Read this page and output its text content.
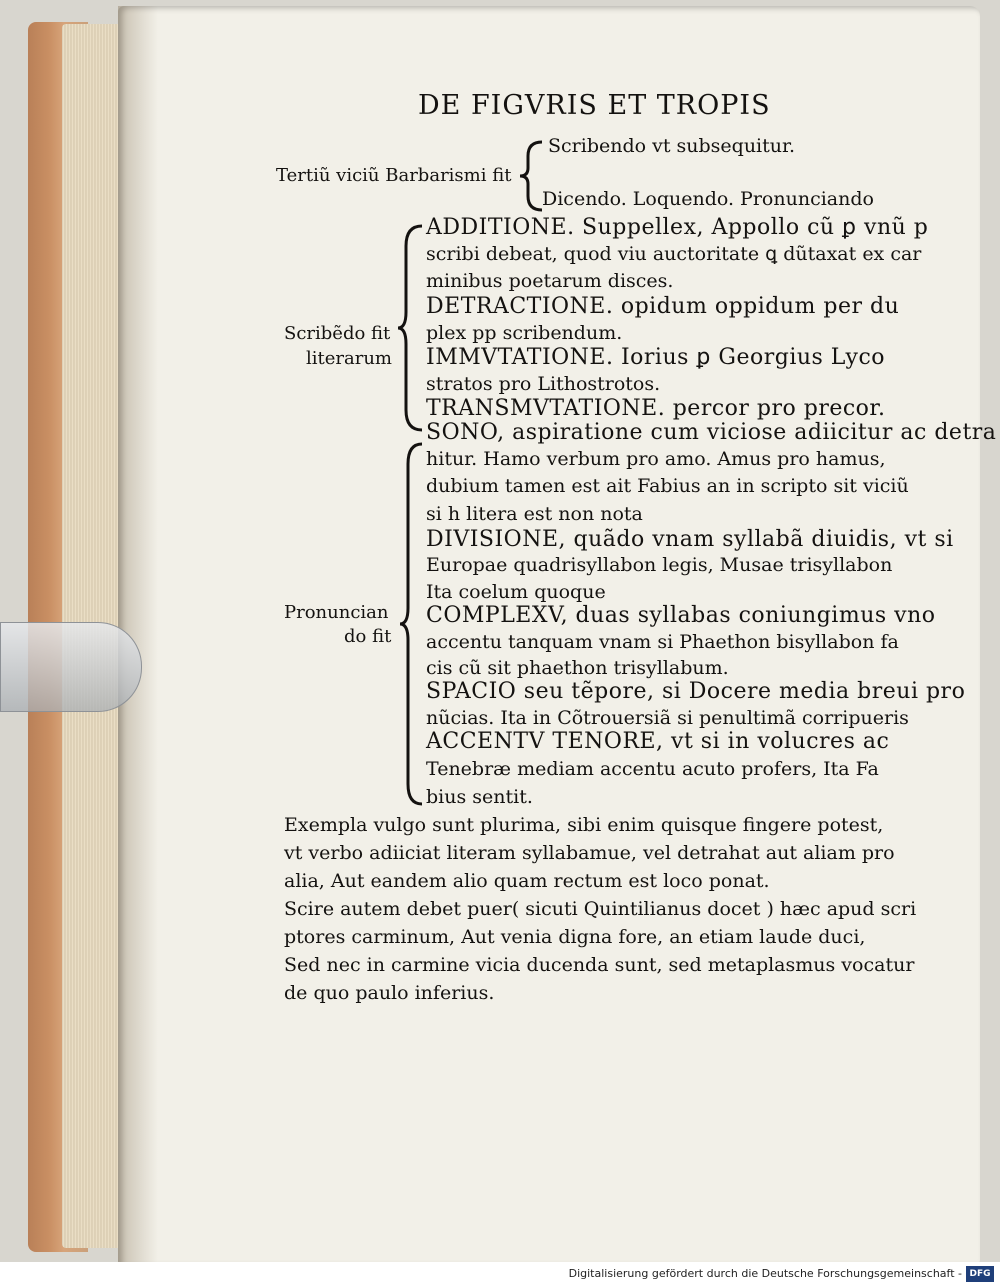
DE FIGVRIS ET TROPIS
Tertiũ viciũ Barbarismi fit
Scribendo vt subsequitur.
Dicendo. Loquendo. Pronunciando
Scribẽdo fit
literarum
ADDITIONE. Suppellex, Appollo cũ ꝑ vnũ p
scribi debeat, quod viu auctoritate ꝗ dũtaxat ex car
minibus poetarum disces.
DETRACTIONE. opidum oppidum per du
plex pp scribendum.
IMMVTATIONE. Iorius ꝑ Georgius Lyco
stratos pro Lithostrotos.
TRANSMVTATIONE. percor pro precor.
Pronuncian
do fit
SONO, aspiratione cum viciose adiicitur ac detra
hitur. Hamo verbum pro amo. Amus pro hamus,
dubium tamen est ait Fabius an in scripto sit viciũ
si h litera est non nota
DIVISIONE, quãdo vnam syllabã diuidis, vt si
Europae quadrisyllabon legis, Musae trisyllabon
Ita coelum quoque
COMPLEXV, duas syllabas coniungimus vno
accentu tanquam vnam si Phaethon bisyllabon fa
cis cũ sit phaethon trisyllabum.
SPACIO seu tẽpore, si Docere media breui pro
nũcias. Ita in Cõtrouersiã si penultimã corripueris
ACCENTV TENORE, vt si in volucres ac
Tenebræ mediam accentu acuto profers, Ita Fa
bius sentit.
Exempla vulgo sunt plurima, sibi enim quisque fingere potest,
vt verbo adiiciat literam syllabamue, vel detrahat aut aliam pro
alia, Aut eandem alio quam rectum est loco ponat.
Scire autem debet puer( sicuti Quintilianus docet ) hæc apud scri
ptores carminum, Aut venia digna fore, an etiam laude duci,
Sed nec in carmine vicia ducenda sunt, sed metaplasmus vocatur
de quo paulo inferius.
Digitalisierung gefördert durch die Deutsche Forschungsgemeinschaft - DFG
